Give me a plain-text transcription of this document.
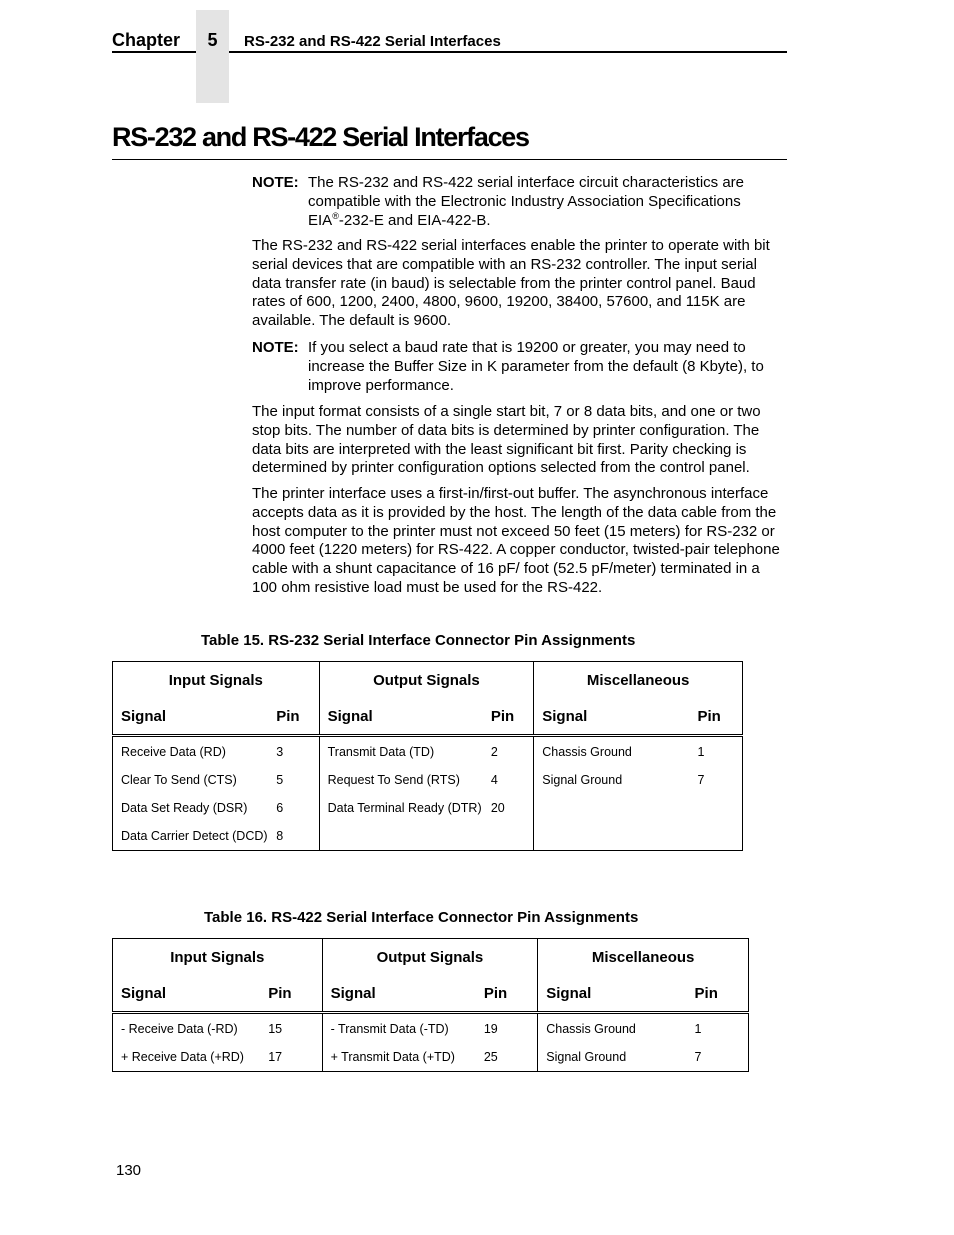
Chapter	5	RS-232 and RS-422 Serial Interfaces
RS-232 and RS-422 Serial Interfaces
NOTE: The RS-232 and RS-422 serial interface circuit characteristics are compatible with the Electronic Industry Association Specifications EIA®-232-E and EIA-422-B.

The RS-232 and RS-422 serial interfaces enable the printer to operate with bit serial devices that are compatible with an RS-232 controller. The input serial data transfer rate (in baud) is selectable from the printer control panel. Baud rates of 600, 1200, 2400, 4800, 9600, 19200, 38400, 57600, and 115K are available. The default is 9600.

NOTE: If you select a baud rate that is 19200 or greater, you may need to increase the Buffer Size in K parameter from the default (8 Kbyte), to improve performance.

The input format consists of a single start bit, 7 or 8 data bits, and one or two stop bits. The number of data bits is determined by printer configuration. The data bits are interpreted with the least significant bit first. Parity checking is determined by printer configuration options selected from the control panel.

The printer interface uses a first-in/first-out buffer. The asynchronous interface accepts data as it is provided by the host. The length of the data cable from the host computer to the printer must not exceed 50 feet (15 meters) for RS-232 or 4000 feet (1220 meters) for RS-422. A copper conductor, twisted-pair telephone cable with a shunt capacitance of 16 pF/ foot (52.5 pF/meter) terminated in a 100 ohm resistive load must be used for the RS-422.

Table 15. RS-232 Serial Interface Connector Pin Assignments
Input Signals		Output Signals		Miscellaneous	
Signal	Pin	Signal	Pin	Signal	Pin
Receive Data (RD)	3	Transmit Data (TD)	2	Chassis Ground	1
Clear To Send (CTS)	5	Request To Send (RTS)	4	Signal Ground	7
Data Set Ready (DSR)	6	Data Terminal Ready (DTR)	20		
Data Carrier Detect (DCD)	8				
Table 16. RS-422 Serial Interface Connector Pin Assignments
Input Signals		Output Signals		Miscellaneous	
Signal	Pin	Signal	Pin	Signal	Pin
- Receive Data (-RD)	15	- Transmit Data (-TD)	19	Chassis Ground	1
+ Receive Data (+RD)	17	+ Transmit Data (+TD)	25	Signal Ground	7
130
